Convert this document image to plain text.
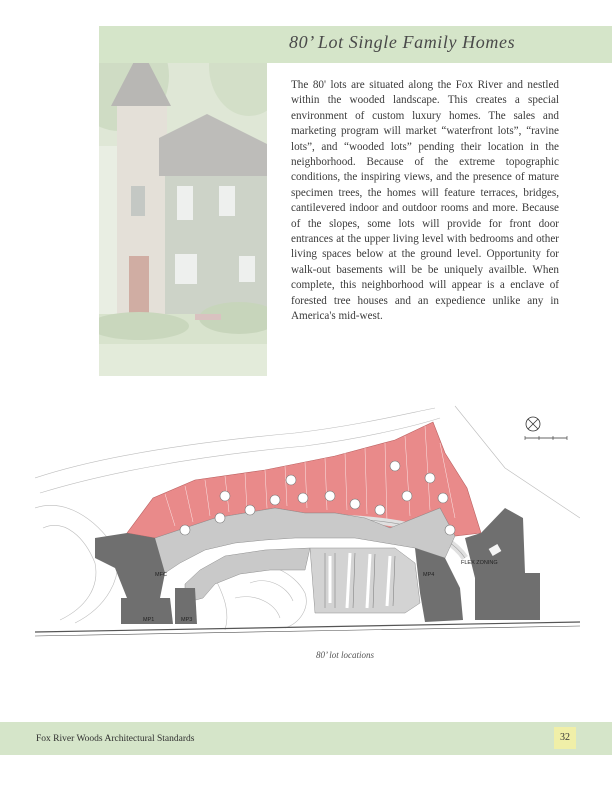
80’ Lot Single Family Homes

The 80' lots are situated along the Fox River and nestled within the wooded landscape. This creates a special environment of custom luxury homes. The sales and marketing program will market “waterfront lots”, “ravine lots”, and “wooded lots” pending their location in the neighborhood. Because of the extreme topographic conditions, the inspiring views, and the presence of mature specimen trees, the homes will feature terraces, bridges, cantilevered indoor and outdoor rooms and more. Because of the slopes, some lots will provide for front door entrances at the upper living level with bedrooms and other living spaces below at the ground level. Opportunity for walk-out basements will be be uniquely availble. When complete, this neighborhood will appear is a enclave of forested tree houses and an expedience unlike any in America's mid-west.

MFC
MP1	MP3
MP4
FLEX ZONING
80’ lot locations
Fox River Woods Architectural Standards	32
